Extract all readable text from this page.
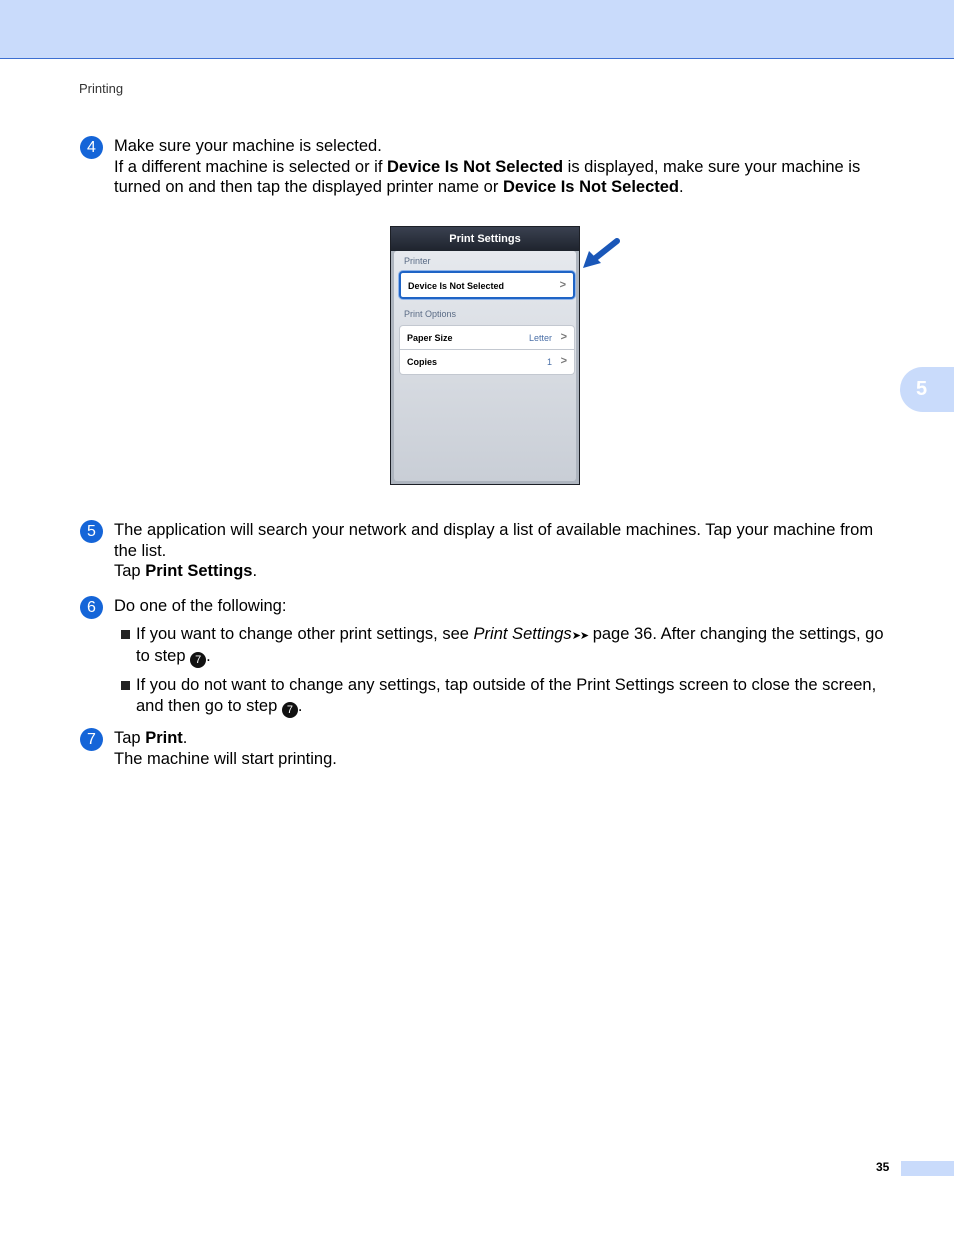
Printing
5
4	Make sure your machine is selected.

If a different machine is selected or if Device Is Not Selected is displayed, make sure your machine is turned on and then tap the displayed printer name or Device Is Not Selected.

Print Settings
Printer
Device Is Not Selected	>
Print Options
Paper Size	Letter >
Copies	1 >
5	The application will search your network and display a list of available machines. Tap your machine from the list.

Tap Print Settings.

6	Do one of the following:

If you want to change other print settings, see Print Settings➤➤ page 36. After changing the settings, go to step 7 .
If you do not want to change any settings, tap outside of the Print Settings screen to close the screen, and then go to step 7 .
7	Tap Print.

The machine will start printing.

35
